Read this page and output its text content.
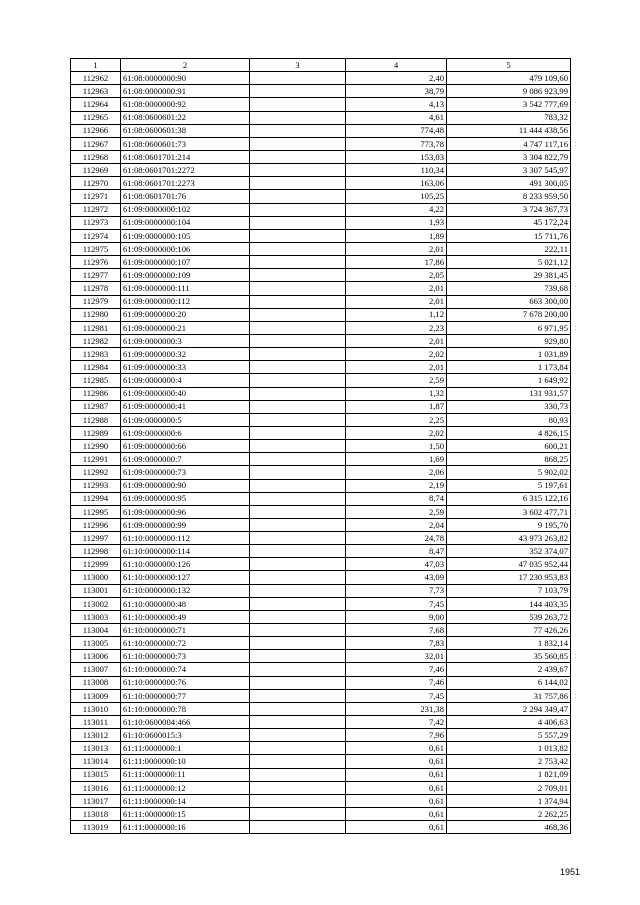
1	2	3	4	5
112962	61:08:0000000:90		2,40	479 109,60
112963	61:08:0000000:91		38,79	9 086 923,99
112964	61:08:0000000:92		4,13	3 542 777,69
112965	61:08:0600601:22		4,61	783,32
112966	61:08:0600601:38		774,48	11 444 438,56
112967	61:08:0600601:73		773,78	4 747 117,16
112968	61:08:0601701:214		153,03	3 304 822,79
112969	61:08:0601701:2272		110,34	3 307 545,97
112970	61:08:0601701:2273		163,06	491 300,05
112971	61:08:0601701:76		105,25	8 233 959,50
112972	61:09:0000000:102		4,22	3 724 367,73
112973	61:09:0000000:104		1,93	45 172,24
112974	61:09:0000000:105		1,89	15 711,76
112975	61:09:0000000:106		2,01	222,11
112976	61:09:0000000:107		17,86	5 021,12
112977	61:09:0000000:109		2,05	29 381,45
112978	61:09:0000000:111		2,01	739,68
112979	61:09:0000000:112		2,01	663 300,00
112980	61:09:0000000:20		1,12	7 678 200,00
112981	61:09:0000000:21		2,23	6 971,95
112982	61:09:0000000:3		2,01	929,80
112983	61:09:0000000:32		2,02	1 031,89
112984	61:09:0000000:33		2,01	1 173,84
112985	61:09:0000000:4		2,59	1 649,92
112986	61:09:0000000:40		1,32	131 931,57
112987	61:09:0000000:41		1,87	330,73
112988	61:09:0000000:5		2,25	80,93
112989	61:09:0000000:6		2,02	4 826,15
112990	61:09:0000000:66		1,50	600,21
112991	61:09:0000000:7		1,69	868,25
112992	61:09:0000000:73		2,06	5 902,02
112993	61:09:0000000:90		2,19	5 197,61
112994	61:09:0000000:95		8,74	6 315 122,16
112995	61:09:0000000:96		2,59	3 602 477,71
112996	61:09:0000000:99		2,04	9 195,70
112997	61:10:0000000:112		24,78	43 973 263,82
112998	61:10:0000000:114		8,47	352 374,07
112999	61:10:0000000:126		47,03	47 035 952,44
113000	61:10:0000000:127		43,09	17 230 953,83
113001	61:10:0000000:132		7,73	7 103,79
113002	61:10:0000000:48		7,45	144 403,35
113003	61:10:0000000:49		9,00	539 263,72
113004	61:10:0000000:71		7,68	77 426,26
113005	61:10:0000000:72		7,83	1 832,14
113006	61:10:0000000:73		32,01	35 560,85
113007	61:10:0000000:74		7,46	2 439,67
113008	61:10:0000000:76		7,46	6 144,02
113009	61:10:0000000:77		7,45	31 757,86
113010	61:10:0000000:78		231,38	2 294 349,47
113011	61:10:0600004:466		7,42	4 406,63
113012	61:10:0600015:3		7,96	5 557,29
113013	61:11:0000000:1		0,61	1 013,82
113014	61:11:0000000:10		0,61	2 753,42
113015	61:11:0000000:11		0,61	1 821,09
113016	61:11:0000000:12		0,61	2 709,01
113017	61:11:0000000:14		0,61	1 374,94
113018	61:11:0000000:15		0,61	2 262,25
113019	61:11:0000000:16		0,61	468,36
1951
